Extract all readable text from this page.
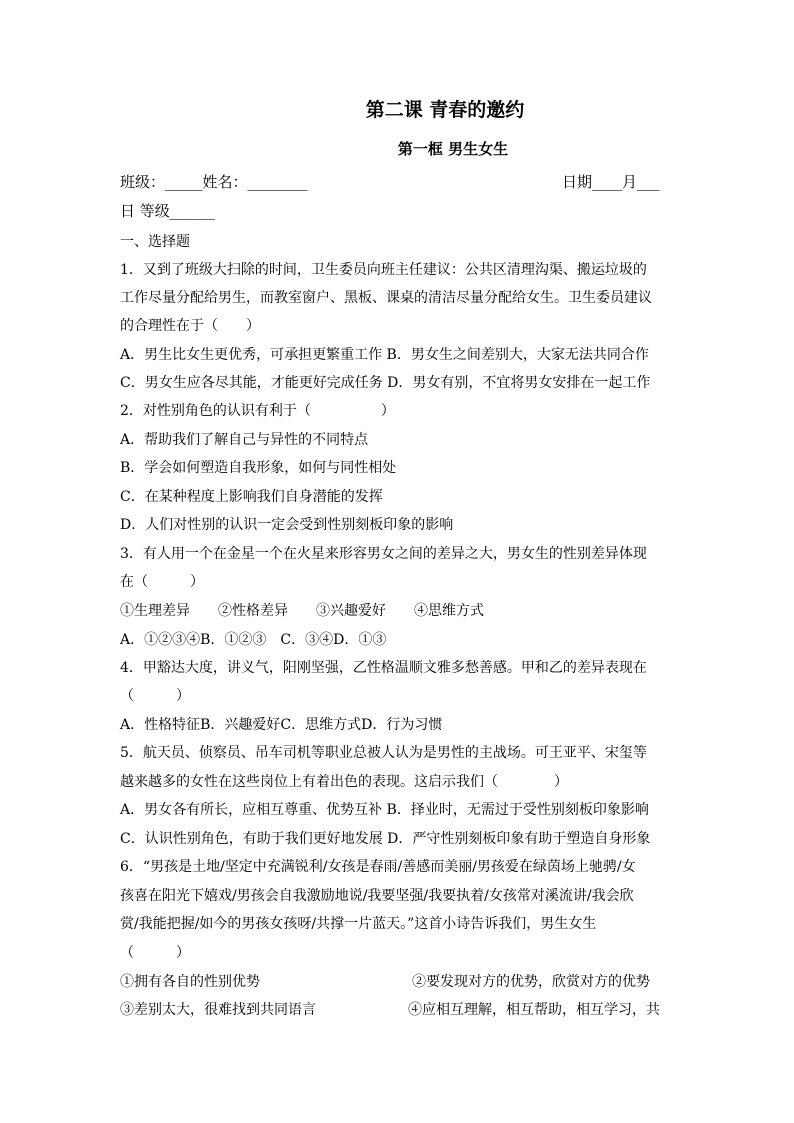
第二课 青春的邀约
第一框 男生女生
班级：_____姓名：________	日期____月___
日 等级______
一、选择题
1．又到了班级大扫除的时间，卫生委员向班主任建议：公共区清理沟渠、搬运垃圾的
工作尽量分配给男生，而教室窗户、黑板、课桌的清洁尽量分配给女生。卫生委员建议
的合理性在于（　　）
A．男生比女生更优秀，可承担更繁重工作 B．男女生之间差别大，大家无法共同合作
C．男女生应各尽其能，才能更好完成任务 D．男女有别，不宜将男女安排在一起工作
2．对性别角色的认识有利于（　　　　　）
A．帮助我们了解自己与异性的不同特点
B．学会如何塑造自我形象，如何与同性相处
C．在某种程度上影响我们自身潜能的发挥
D．人们对性别的认识一定会受到性别刻板印象的影响
3．有人用一个在金星一个在火星来形容男女之间的差异之大，男女生的性别差异体现
在（　　　）
①生理差异　　②性格差异　　③兴趣爱好　　④思维方式
A．①②③④B．①②③　C．③④D．①③
4．甲豁达大度，讲义气，阳刚坚强，乙性格温顺文雅多愁善感。甲和乙的差异表现在
（　　　）
A．性格特征B．兴趣爱好C．思维方式D．行为习惯
5．航天员、侦察员、吊车司机等职业总被人认为是男性的主战场。可王亚平、宋玺等
越来越多的女性在这些岗位上有着出色的表现。这启示我们（　　　　）
A．男女各有所长，应相互尊重、优势互补 B．择业时，无需过于受性别刻板印象影响
C．认识性别角色，有助于我们更好地发展 D．严守性别刻板印象有助于塑造自身形象
6．“男孩是土地/坚定中充满锐利/女孩是春雨/善感而美丽/男孩爱在绿茵场上驰骋/女
孩喜在阳光下嬉戏/男孩会自我激励地说/我要坚强/我要执着/女孩常对溪流讲/我会欣
赏/我能把握/如今的男孩女孩呀/共撑一片蓝天。”这首小诗告诉我们，男生女生
（　　　）
①拥有各自的性别优势	②要发现对方的优势，欣赏对方的优势
③差别太大，很难找到共同语言	④应相互理解，相互帮助，相互学习，共
